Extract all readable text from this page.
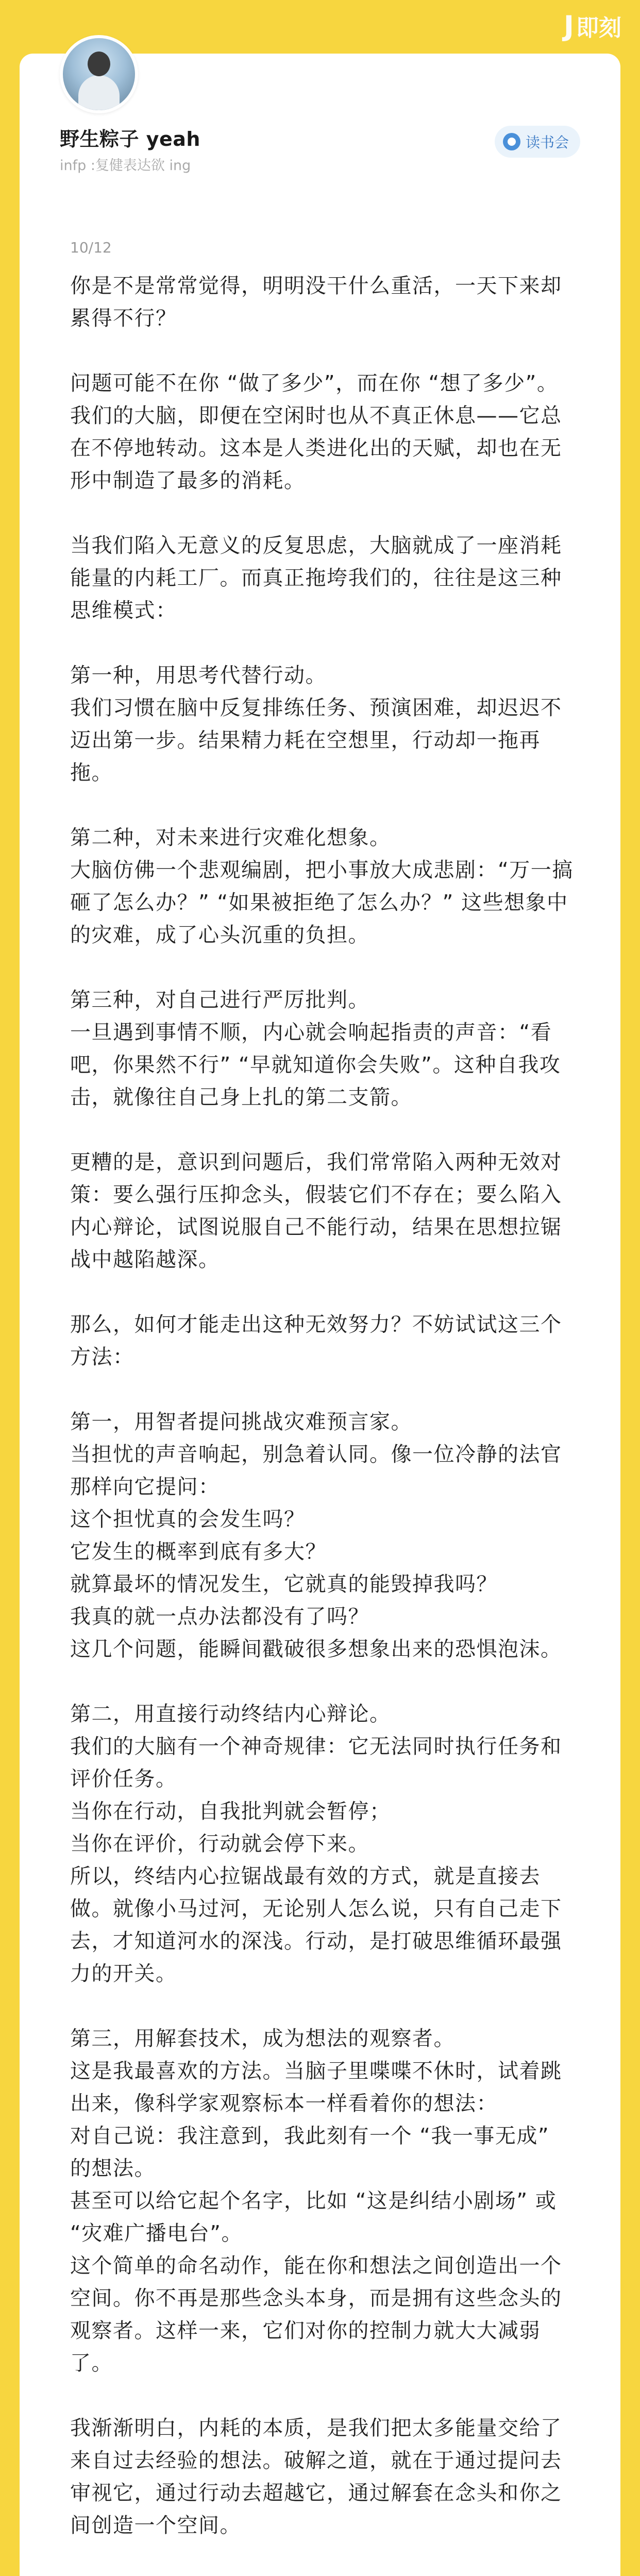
J 即刻
野生粽子 yeah
infp :复健表达欲 ing
读书会
10/12

你是不是常常觉得，明明没干什么重活，一天下来却累得不行？

问题可能不在你 “做了多少”，而在你 “想了多少”。我们的大脑，即便在空闲时也从不真正休息——它总在不停地转动。这本是人类进化出的天赋，却也在无形中制造了最多的消耗。

当我们陷入无意义的反复思虑，大脑就成了一座消耗能量的内耗工厂。而真正拖垮我们的，往往是这三种思维模式：

第一种，用思考代替行动。
我们习惯在脑中反复排练任务、预演困难，却迟迟不迈出第一步。结果精力耗在空想里，行动却一拖再拖。

第二种，对未来进行灾难化想象。
大脑仿佛一个悲观编剧，把小事放大成悲剧：“万一搞砸了怎么办？” “如果被拒绝了怎么办？” 这些想象中的灾难，成了心头沉重的负担。

第三种，对自己进行严厉批判。
一旦遇到事情不顺，内心就会响起指责的声音：“看吧，你果然不行” “早就知道你会失败”。这种自我攻击，就像往自己身上扎的第二支箭。

更糟的是，意识到问题后，我们常常陷入两种无效对策：要么强行压抑念头，假装它们不存在；要么陷入内心辩论，试图说服自己不能行动，结果在思想拉锯战中越陷越深。

那么，如何才能走出这种无效努力？不妨试试这三个方法：

第一，用智者提问挑战灾难预言家。
当担忧的声音响起，别急着认同。像一位冷静的法官那样向它提问：
这个担忧真的会发生吗？
它发生的概率到底有多大？
就算最坏的情况发生，它就真的能毁掉我吗？
我真的就一点办法都没有了吗？
这几个问题，能瞬间戳破很多想象出来的恐惧泡沫。

第二，用直接行动终结内心辩论。
我们的大脑有一个神奇规律：它无法同时执行任务和评价任务。
当你在行动，自我批判就会暂停；
当你在评价，行动就会停下来。
所以，终结内心拉锯战最有效的方式，就是直接去做。就像小马过河，无论别人怎么说，只有自己走下去，才知道河水的深浅。行动，是打破思维循环最强力的开关。

第三，用解套技术，成为想法的观察者。
这是我最喜欢的方法。当脑子里喋喋不休时，试着跳出来，像科学家观察标本一样看着你的想法：
对自己说：我注意到，我此刻有一个 “我一事无成” 的想法。
甚至可以给它起个名字，比如 “这是纠结小剧场” 或 “灾难广播电台”。
这个简单的命名动作，能在你和想法之间创造出一个空间。你不再是那些念头本身，而是拥有这些念头的观察者。这样一来，它们对你的控制力就大大减弱了。

我渐渐明白，内耗的本质，是我们把太多能量交给了来自过去经验的想法。破解之道，就在于通过提问去审视它，通过行动去超越它，通过解套在念头和你之间创造一个空间。
